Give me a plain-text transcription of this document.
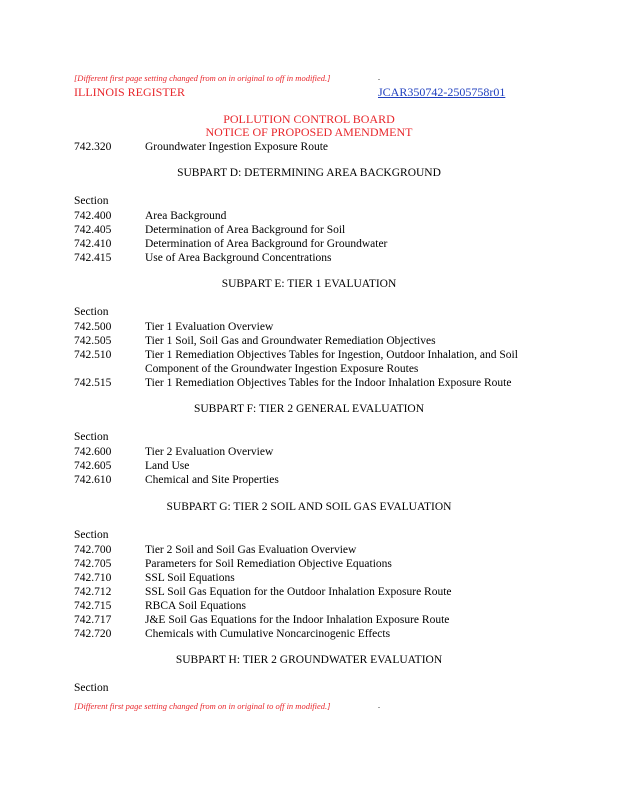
[Different first page setting changed from on in original to off in modified.]	.
ILLINOIS REGISTER	JCAR350742-2505758r01
POLLUTION CONTROL BOARD
NOTICE OF PROPOSED AMENDMENT
742.320	Groundwater Ingestion Exposure Route
SUBPART D: DETERMINING AREA BACKGROUND
Section
742.400	Area Background
742.405	Determination of Area Background for Soil
742.410	Determination of Area Background for Groundwater
742.415	Use of Area Background Concentrations
SUBPART E: TIER 1 EVALUATION
Section
742.500	Tier 1 Evaluation Overview
742.505	Tier 1 Soil, Soil Gas and Groundwater Remediation Objectives
742.510	Tier 1 Remediation Objectives Tables for Ingestion, Outdoor Inhalation, and Soil Component of the Groundwater Ingestion Exposure Routes
742.515	Tier 1 Remediation Objectives Tables for the Indoor Inhalation Exposure Route
SUBPART F: TIER 2 GENERAL EVALUATION
Section
742.600	Tier 2 Evaluation Overview
742.605	Land Use
742.610	Chemical and Site Properties
SUBPART G: TIER 2 SOIL AND SOIL GAS EVALUATION
Section
742.700	Tier 2 Soil and Soil Gas Evaluation Overview
742.705	Parameters for Soil Remediation Objective Equations
742.710	SSL Soil Equations
742.712	SSL Soil Gas Equation for the Outdoor Inhalation Exposure Route
742.715	RBCA Soil Equations
742.717	J&E Soil Gas Equations for the Indoor Inhalation Exposure Route
742.720	Chemicals with Cumulative Noncarcinogenic Effects
SUBPART H: TIER 2 GROUNDWATER EVALUATION
Section
[Different first page setting changed from on in original to off in modified.]	.
